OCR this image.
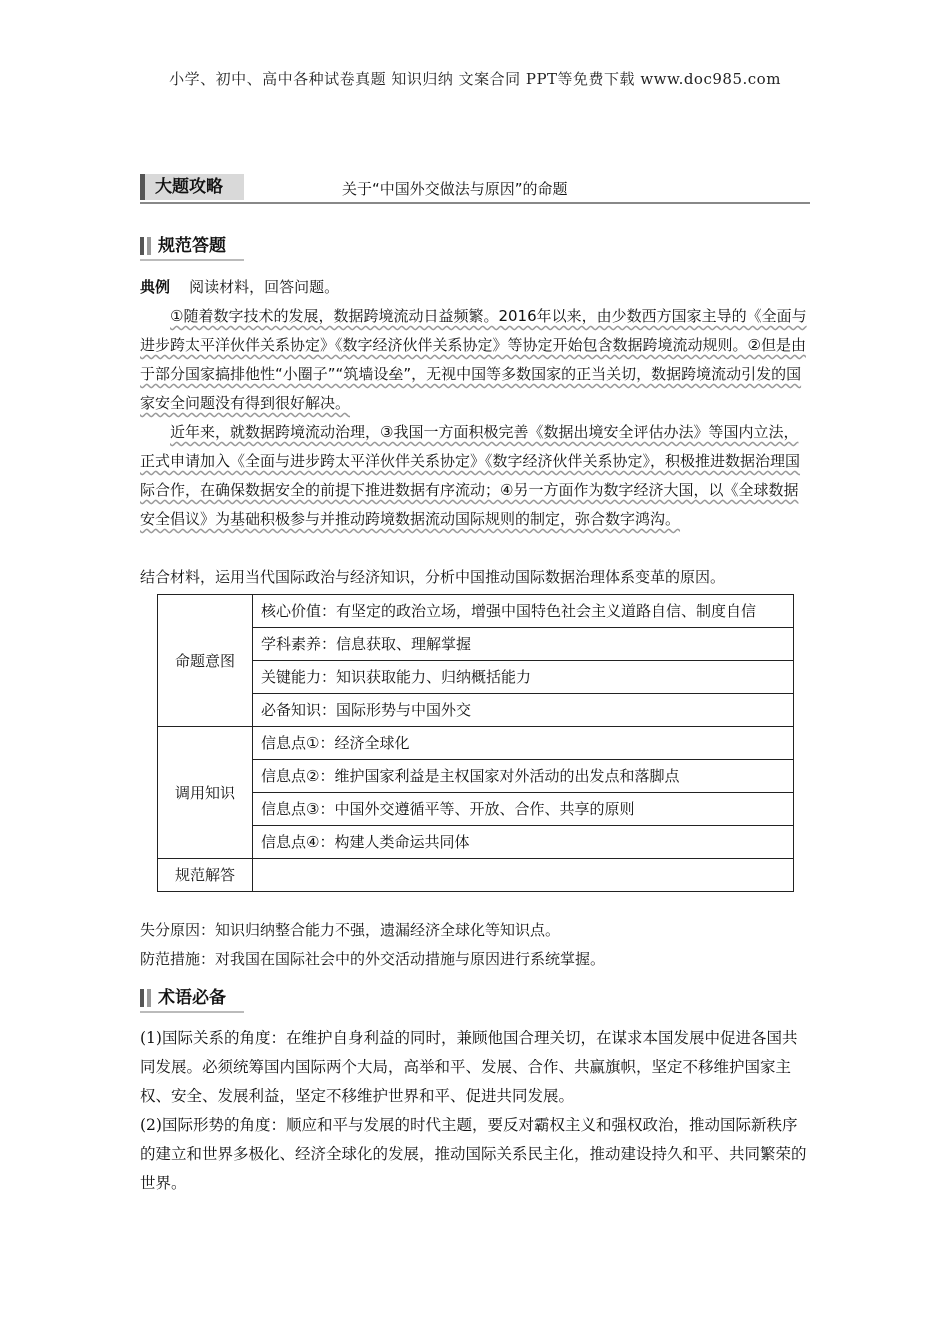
小学、初中、高中各种试卷真题 知识归纳 文案合同 PPT等免费下载 www.doc985.com
大题攻略	关于“中国外交做法与原因”的命题
规范答题
典例 阅读材料，回答问题。
①随着数字技术的发展，数据跨境流动日益频繁。2016年以来，由少数西方国家主导的《全面与进步跨太平洋伙伴关系协定》《数字经济伙伴关系协定》等协定开始包含数据跨境流动规则。②但是由于部分国家搞排他性“小圈子”“筑墙设垒”，无视中国等多数国家的正当关切，数据跨境流动引发的国家安全问题没有得到很好解决。
近年来，就数据跨境流动治理，③我国一方面积极完善《数据出境安全评估办法》等国内立法，正式申请加入《全面与进步跨太平洋伙伴关系协定》《数字经济伙伴关系协定》，积极推进数据治理国际合作，在确保数据安全的前提下推进数据有序流动；④另一方面作为数字经济大国，以《全球数据安全倡议》为基础积极参与并推动跨境数据流动国际规则的制定，弥合数字鸿沟。
结合材料，运用当代国际政治与经济知识，分析中国推动国际数据治理体系变革的原因。
命题意图	核心价值：有坚定的政治立场，增强中国特色社会主义道路自信、制度自信
	学科素养：信息获取、理解掌握
	关键能力：知识获取能力、归纳概括能力
	必备知识：国际形势与中国外交
调用知识	信息点①：经济全球化
	信息点②：维护国家利益是主权国家对外活动的出发点和落脚点
	信息点③：中国外交遵循平等、开放、合作、共享的原则
	信息点④：构建人类命运共同体
规范解答	
失分原因：知识归纳整合能力不强，遗漏经济全球化等知识点。
防范措施：对我国在国际社会中的外交活动措施与原因进行系统掌握。
术语必备
(1)国际关系的角度：在维护自身利益的同时，兼顾他国合理关切，在谋求本国发展中促进各国共同发展。必须统筹国内国际两个大局，高举和平、发展、合作、共赢旗帜，坚定不移维护国家主权、安全、发展利益，坚定不移维护世界和平、促进共同发展。
(2)国际形势的角度：顺应和平与发展的时代主题，要反对霸权主义和强权政治，推动国际新秩序的建立和世界多极化、经济全球化的发展，推动国际关系民主化，推动建设持久和平、共同繁荣的世界。
